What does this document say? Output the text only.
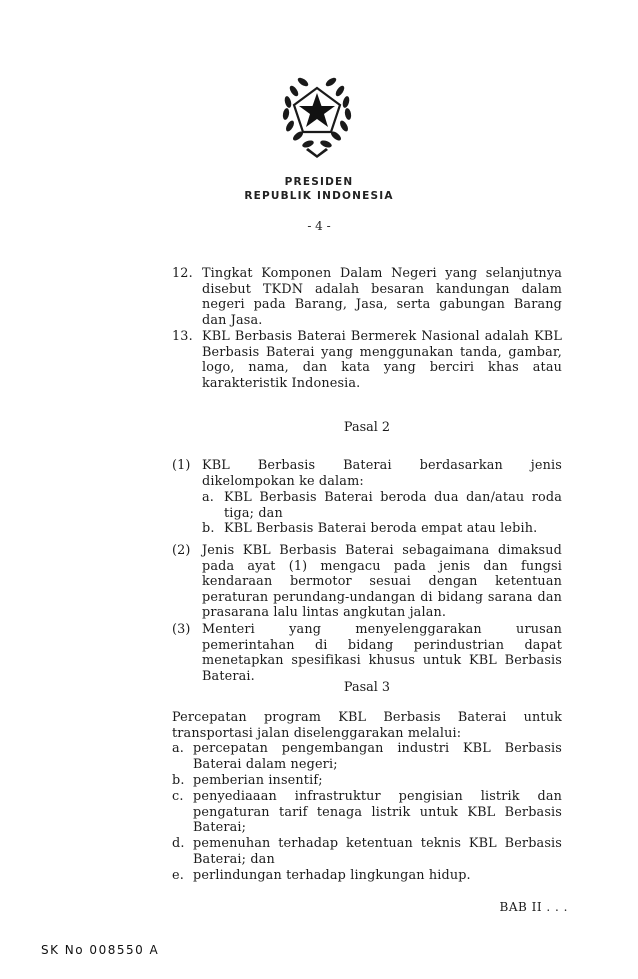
PRESIDEN
REPUBLIK INDONESIA
- 4 -
12. Tingkat Komponen Dalam Negeri yang selanjutnya disebut TKDN adalah besaran kandungan dalam negeri pada Barang, Jasa, serta gabungan Barang dan Jasa.
13. KBL Berbasis Baterai Bermerek Nasional adalah KBL Berbasis Baterai yang menggunakan tanda, gambar, logo, nama, dan kata yang berciri khas atau karakteristik Indonesia.
Pasal 2
(1) KBL Berbasis Baterai berdasarkan jenis dikelompokan ke dalam:
a. KBL Berbasis Baterai beroda dua dan/atau roda tiga; dan
b. KBL Berbasis Baterai beroda empat atau lebih.
(2) Jenis KBL Berbasis Baterai sebagaimana dimaksud pada ayat (1) mengacu pada jenis dan fungsi kendaraan bermotor sesuai dengan ketentuan peraturan perundang-undangan di bidang sarana dan prasarana lalu lintas angkutan jalan.
(3) Menteri yang menyelenggarakan urusan pemerintahan di bidang perindustrian dapat menetapkan spesifikasi khusus untuk KBL Berbasis Baterai.
Pasal 3
Percepatan program KBL Berbasis Baterai untuk transportasi jalan diselenggarakan melalui:
a. percepatan pengembangan industri KBL Berbasis Baterai dalam negeri;
b. pemberian insentif;
c. penyediaaan infrastruktur pengisian listrik dan pengaturan tarif tenaga listrik untuk KBL Berbasis Baterai;
d. pemenuhan terhadap ketentuan teknis KBL Berbasis Baterai; dan
e. perlindungan terhadap lingkungan hidup.
BAB II . . .
SK No 008550 A
